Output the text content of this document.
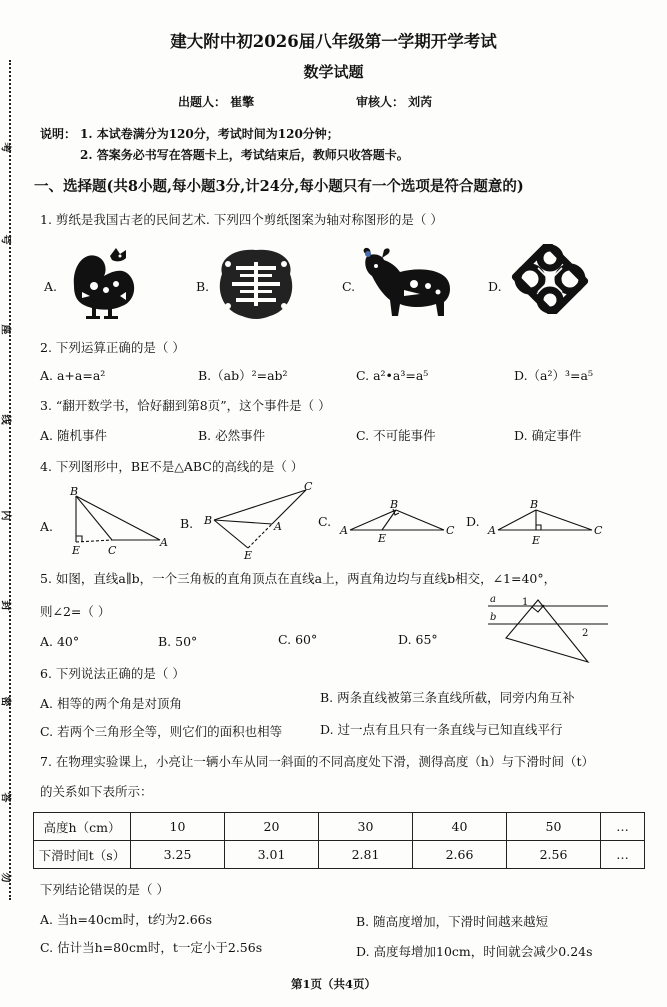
考
号
座
线
内
封
密
答
勿
建大附中初2026届八年级第一学期开学考试
数学试题
出题人： 崔擎	审核人： 刘芮
说明： 1. 本试卷满分为120分，考试时间为120分钟；
2. 答案务必书写在答题卡上，考试结束后，教师只收答题卡。
一、选择题(共8小题,每小题3分,计24分,每小题只有一个选项是符合题意的)
1. 剪纸是我国古老的民间艺术. 下列四个剪纸图案为轴对称图形的是（ ）
A.	B.	C.	D.
2. 下列运算正确的是（ ）
A. a+a=a²	B.（ab）²=ab²	C. a²•a³=a⁵	D.（a²）³=a⁵
3. “翻开数学书，恰好翻到第8页”，这个事件是（ ）
A. 随机事件	B. 必然事件	C. 不可能事件	D. 确定事件
4. 下列图形中，BE不是△ABC的高线的是（ ）
A.	B.	C.	D.
B
E	C
A
B
C
A
E
A
B
C
E
A
B
C
E
5. 如图，直线a∥b，一个三角板的直角顶点在直线a上，两直角边均与直线b相交，∠1=40°，
则∠2=（ ）
A. 40°	B. 50°	C. 60°	D. 65°
a
b
1
2
6. 下列说法正确的是（ ）
A. 相等的两个角是对顶角	B. 两条直线被第三条直线所截，同旁内角互补
C. 若两个三角形全等，则它们的面积也相等	D. 过一点有且只有一条直线与已知直线平行
7. 在物理实验课上，小亮让一辆小车从同一斜面的不同高度处下滑，测得高度（h）与下滑时间（t）
的关系如下表所示：
高度h（cm）	10	20	30	40	50	…
下滑时间t（s）	3.25	3.01	2.81	2.66	2.56	…
下列结论错误的是（ ）
A. 当h=40cm时，t约为2.66s	B. 随高度增加，下滑时间越来越短
C. 估计当h=80cm时，t一定小于2.56s	D. 高度每增加10cm，时间就会减少0.24s
第1页（共4页）
